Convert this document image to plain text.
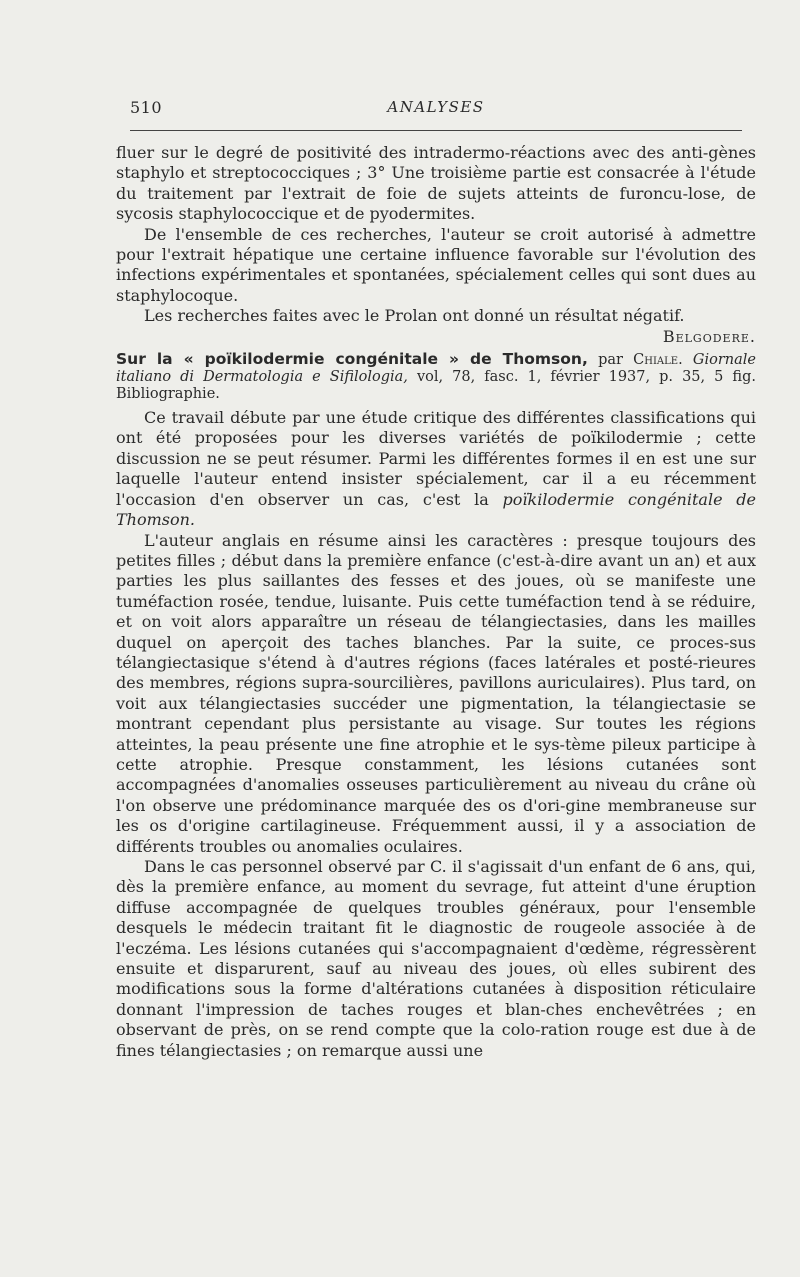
510	ANALYSES

fluer sur le degré de positivité des intradermo-réactions avec des anti-gènes staphylo et streptococciques ; 3° Une troisième partie est consacrée à l'étude du traitement par l'extrait de foie de sujets atteints de furoncu-lose, de sycosis staphylococcique et de pyodermites.

De l'ensemble de ces recherches, l'auteur se croit autorisé à admettre pour l'extrait hépatique une certaine influence favorable sur l'évolution des infections expérimentales et spontanées, spécialement celles qui sont dues au staphylocoque.

Les recherches faites avec le Prolan ont donné un résultat négatif.

Belgodere.

Sur la « poïkilodermie congénitale » de Thomson, par Chiale. Giornale italiano di Dermatologia e Sifilologia, vol, 78, fasc. 1, février 1937, p. 35, 5 fig. Bibliographie.

Ce travail débute par une étude critique des différentes classifications qui ont été proposées pour les diverses variétés de poïkilodermie ; cette discussion ne se peut résumer. Parmi les différentes formes il en est une sur laquelle l'auteur entend insister spécialement, car il a eu récemment l'occasion d'en observer un cas, c'est la poïkilodermie congénitale de Thomson.

L'auteur anglais en résume ainsi les caractères : presque toujours des petites filles ; début dans la première enfance (c'est-à-dire avant un an) et aux parties les plus saillantes des fesses et des joues, où se manifeste une tuméfaction rosée, tendue, luisante. Puis cette tuméfaction tend à se réduire, et on voit alors apparaître un réseau de télangiectasies, dans les mailles duquel on aperçoit des taches blanches. Par la suite, ce proces-sus télangiectasique s'étend à d'autres régions (faces latérales et posté-rieures des membres, régions supra-sourcilières, pavillons auriculaires). Plus tard, on voit aux télangiectasies succéder une pigmentation, la télangiectasie se montrant cependant plus persistante au visage. Sur toutes les régions atteintes, la peau présente une fine atrophie et le sys-tème pileux participe à cette atrophie. Presque constamment, les lésions cutanées sont accompagnées d'anomalies osseuses particulièrement au niveau du crâne où l'on observe une prédominance marquée des os d'ori-gine membraneuse sur les os d'origine cartilagineuse. Fréquemment aussi, il y a association de différents troubles ou anomalies oculaires.

Dans le cas personnel observé par C. il s'agissait d'un enfant de 6 ans, qui, dès la première enfance, au moment du sevrage, fut atteint d'une éruption diffuse accompagnée de quelques troubles généraux, pour l'ensemble desquels le médecin traitant fit le diagnostic de rougeole associée à de l'eczéma. Les lésions cutanées qui s'accompagnaient d'œdème, régressèrent ensuite et disparurent, sauf au niveau des joues, où elles subirent des modifications sous la forme d'altérations cutanées à disposition réticulaire donnant l'impression de taches rouges et blan-ches enchevêtrées ; en observant de près, on se rend compte que la colo-ration rouge est due à de fines télangiectasies ; on remarque aussi une
